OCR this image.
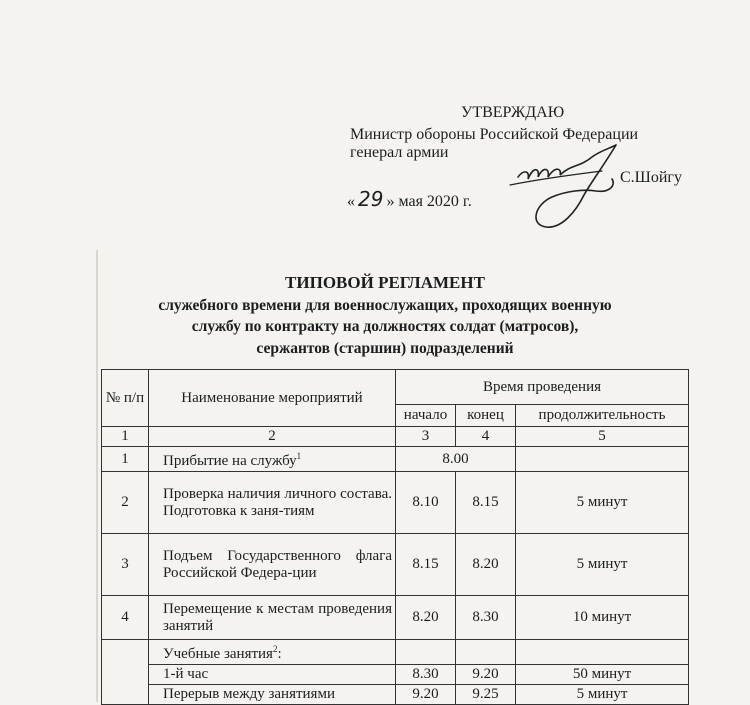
УТВЕРЖДАЮ
Министр обороны Российской Федерации
генерал армии
С.Шойгу
« 29 » мая 2020 г.
ТИПОВОЙ РЕГЛАМЕНТ
служебного времени для военнослужащих, проходящих военную
службу по контракту на должностях солдат (матросов),
сержантов (старшин) подразделений
№ п/п	Наименование мероприятий	Время проведения		
		начало	конец	продолжительность
1	2	3	4	5
1	Прибытие на службу$^1$	8.00		
2	Проверка наличия личного состава. Подготовка к заня-тиям	8.10	8.15	5 минут
3	Подъем Государственного флага Российской Федера-ции	8.15	8.20	5 минут
4	Перемещение к местам проведения занятий	8.20	8.30	10 минут
	Учебные занятия$^2$:			
	1-й час	8.30	9.20	50 минут
	Перерыв между занятиями	9.20	9.25	5 минут
